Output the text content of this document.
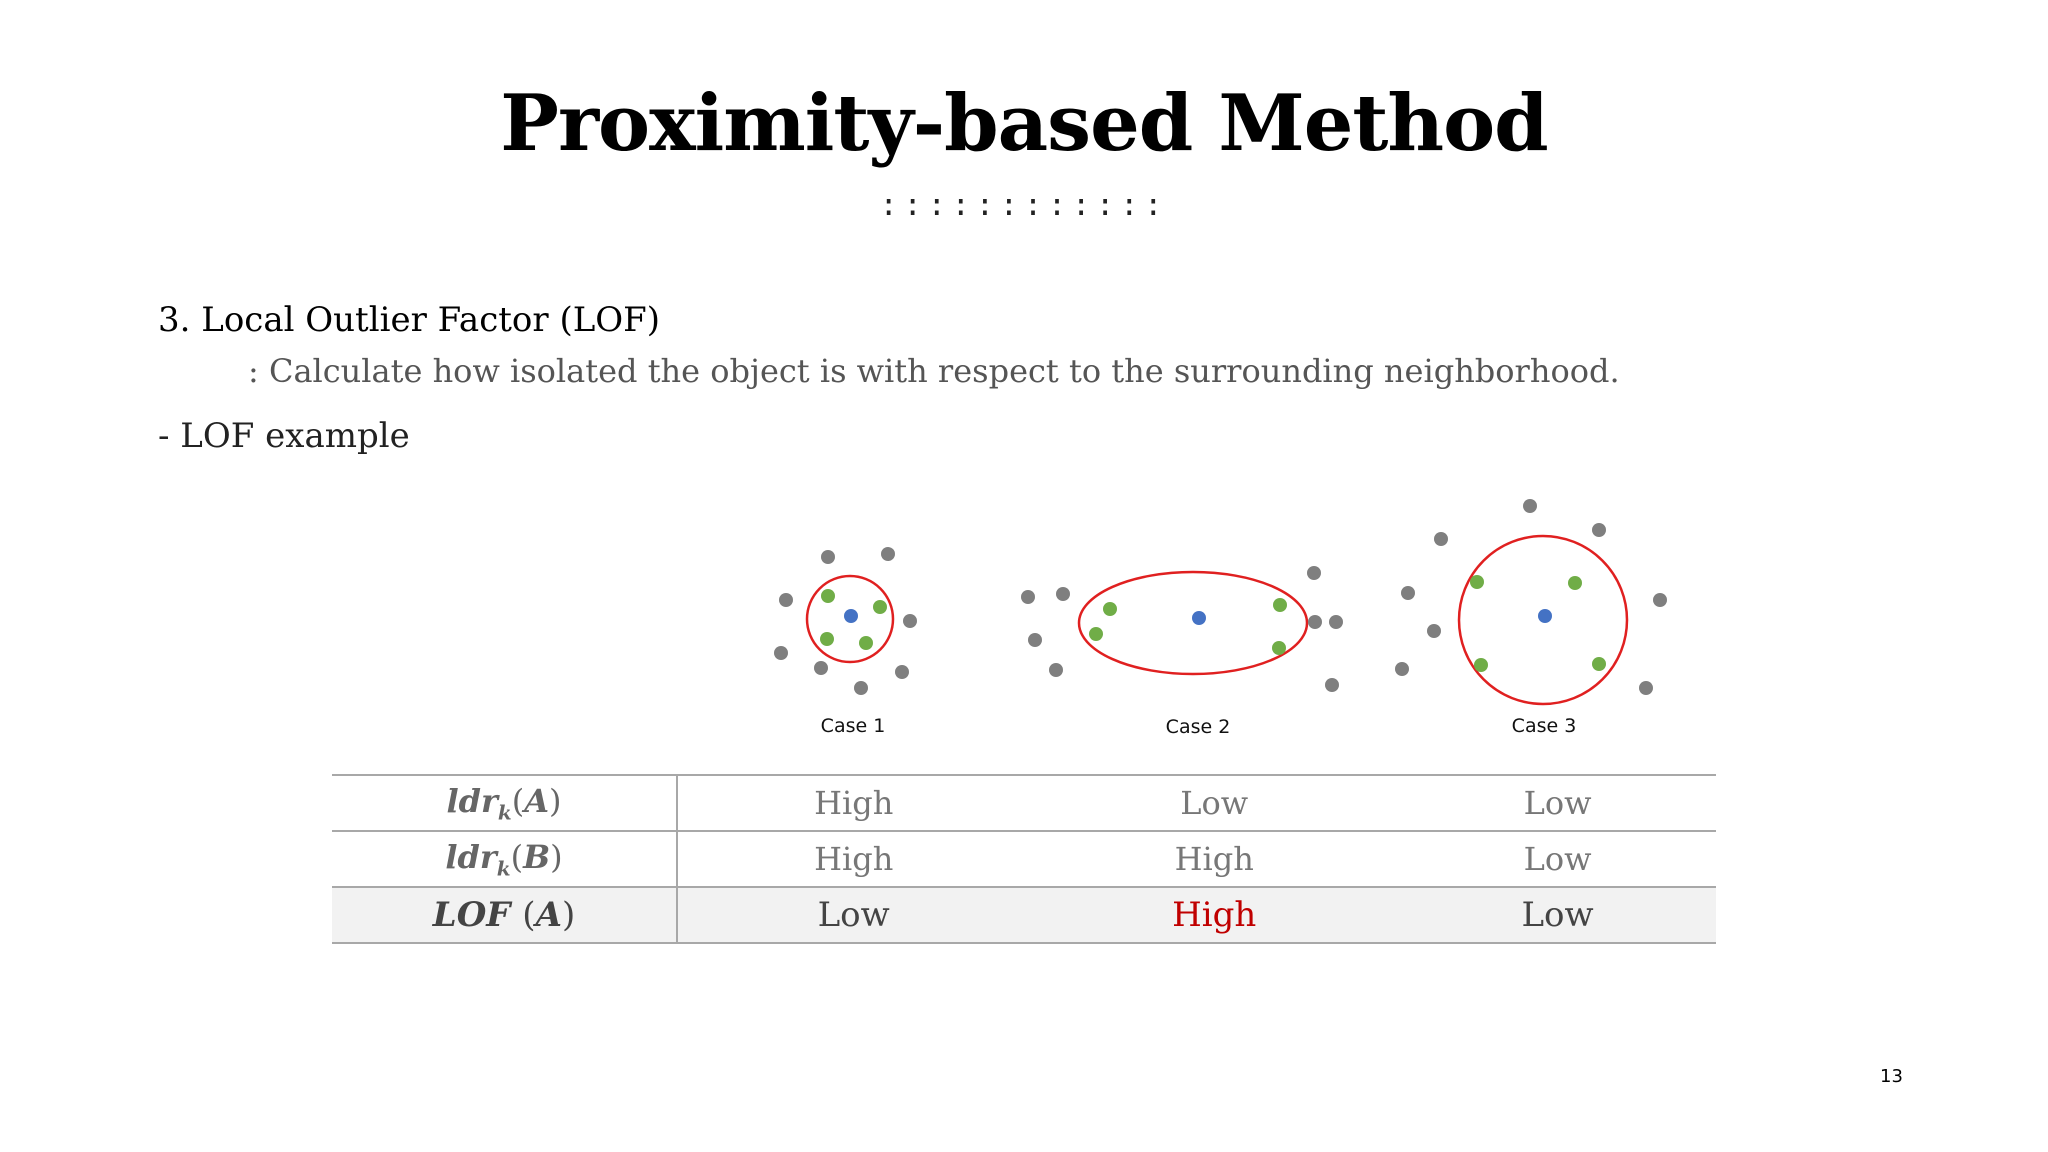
Proximity-based Method
::::::::::::
3. Local Outlier Factor (LOF)
: Calculate how isolated the object is with respect to the surrounding neighborhood.
- LOF example
Case 1	Case 2	Case 3
ldr$_k$(A)	High	Low	Low
ldr$_k$(B)	High	High	Low
LOF (A)	Low	High	Low
13
